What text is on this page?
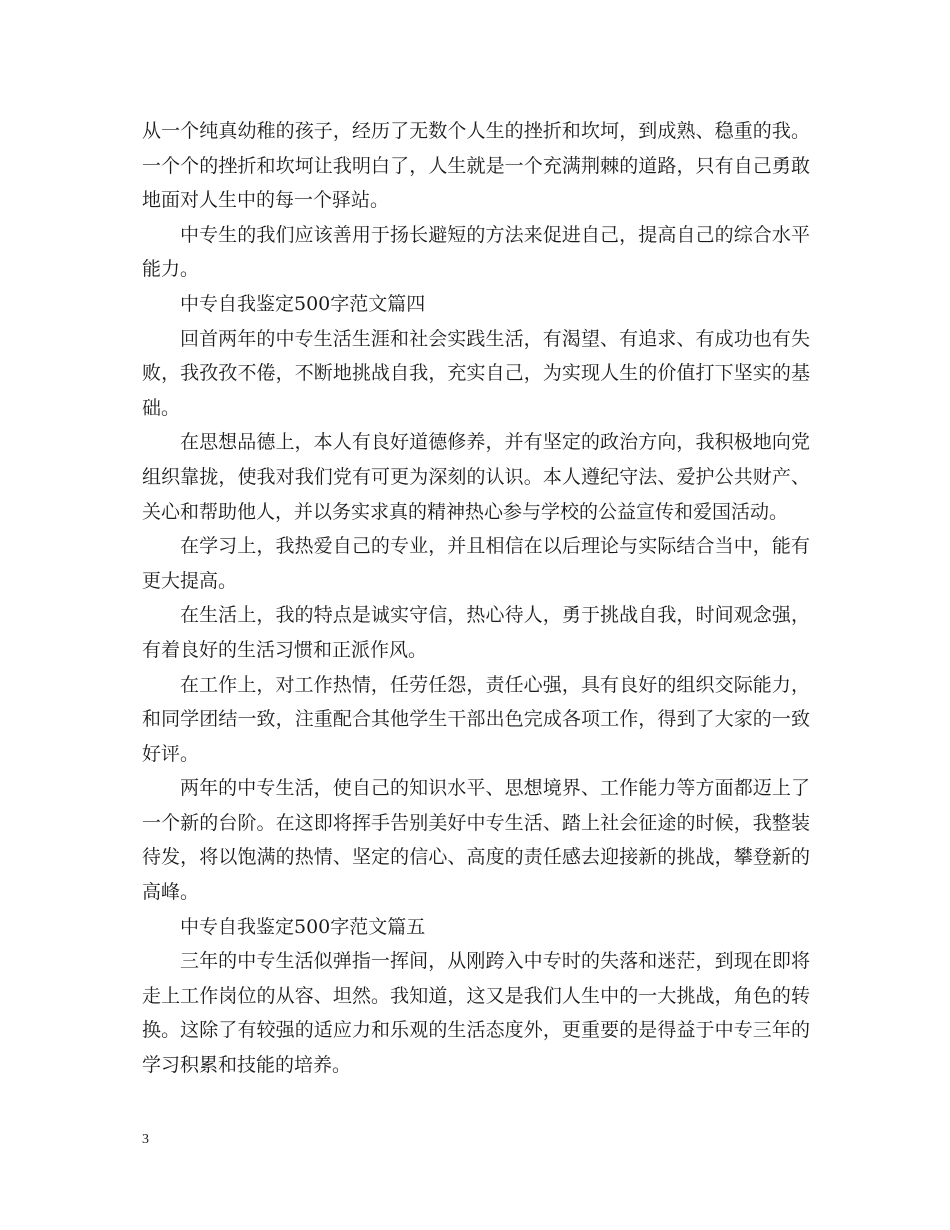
从一个纯真幼稚的孩子，经历了无数个人生的挫折和坎坷，到成熟、稳重的我。一个个的挫折和坎坷让我明白了，人生就是一个充满荆棘的道路，只有自己勇敢地面对人生中的每一个驿站。

中专生的我们应该善用于扬长避短的方法来促进自己，提高自己的综合水平能力。

中专自我鉴定500字范文篇四

回首两年的中专生活生涯和社会实践生活，有渴望、有追求、有成功也有失败，我孜孜不倦，不断地挑战自我，充实自己，为实现人生的价值打下坚实的基础。

在思想品德上，本人有良好道德修养，并有坚定的政治方向，我积极地向党组织靠拢，使我对我们党有可更为深刻的认识。本人遵纪守法、爱护公共财产、关心和帮助他人，并以务实求真的精神热心参与学校的公益宣传和爱国活动。

在学习上，我热爱自己的专业，并且相信在以后理论与实际结合当中，能有更大提高。

在生活上，我的特点是诚实守信，热心待人，勇于挑战自我，时间观念强，有着良好的生活习惯和正派作风。

在工作上，对工作热情，任劳任怨，责任心强，具有良好的组织交际能力，和同学团结一致，注重配合其他学生干部出色完成各项工作，得到了大家的一致好评。

两年的中专生活，使自己的知识水平、思想境界、工作能力等方面都迈上了一个新的台阶。在这即将挥手告别美好中专生活、踏上社会征途的时候，我整装待发，将以饱满的热情、坚定的信心、高度的责任感去迎接新的挑战，攀登新的高峰。

中专自我鉴定500字范文篇五

三年的中专生活似弹指一挥间，从刚跨入中专时的失落和迷茫，到现在即将走上工作岗位的从容、坦然。我知道，这又是我们人生中的一大挑战，角色的转换。这除了有较强的适应力和乐观的生活态度外，更重要的是得益于中专三年的学习积累和技能的培养。

3
